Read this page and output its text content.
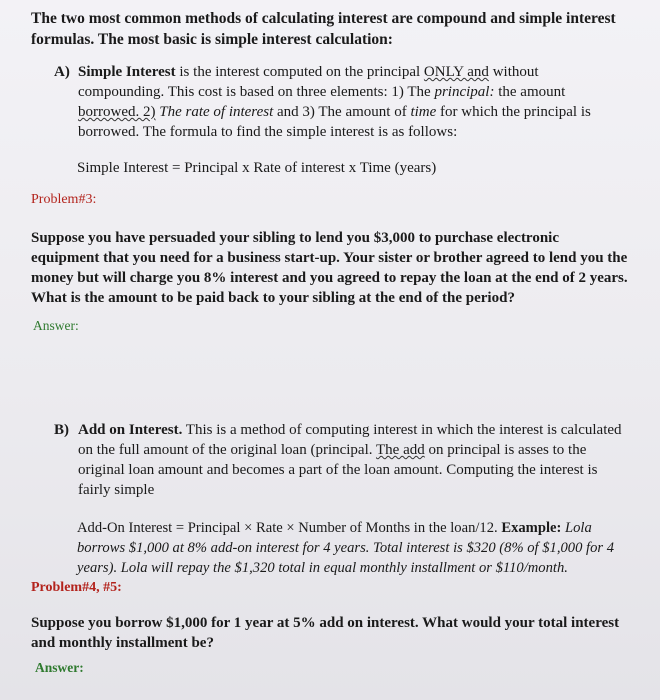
The two most common methods of calculating interest are compound and simple interest formulas. The most basic is simple interest calculation:

A) Simple Interest is the interest computed on the principal ONLY and without compounding. This cost is based on three elements: 1) The principal: the amount borrowed. 2) The rate of interest and 3) The amount of time for which the principal is borrowed. The formula to find the simple interest is as follows:
Simple Interest = Principal x Rate of interest x Time (years)
Problem#3:

Suppose you have persuaded your sibling to lend you $3,000 to purchase electronic equipment that you need for a business start-up. Your sister or brother agreed to lend you the money but will charge you 8% interest and you agreed to repay the loan at the end of 2 years. What is the amount to be paid back to your sibling at the end of the period?

Answer:
B) Add on Interest. This is a method of computing interest in which the interest is calculated on the full amount of the original loan (principal. The add on principal is asses to the original loan amount and becomes a part of the loan amount. Computing the interest is fairly simple

Add-On Interest = Principal × Rate × Number of Months in the loan/12. Example: Lola borrows $1,000 at 8% add-on interest for 4 years. Total interest is $320 (8% of $1,000 for 4 years). Lola will repay the $1,320 total in equal monthly installment or $110/month.

Problem#4, #5:

Suppose you borrow $1,000 for 1 year at 5% add on interest. What would your total interest and monthly installment be?

Answer:
